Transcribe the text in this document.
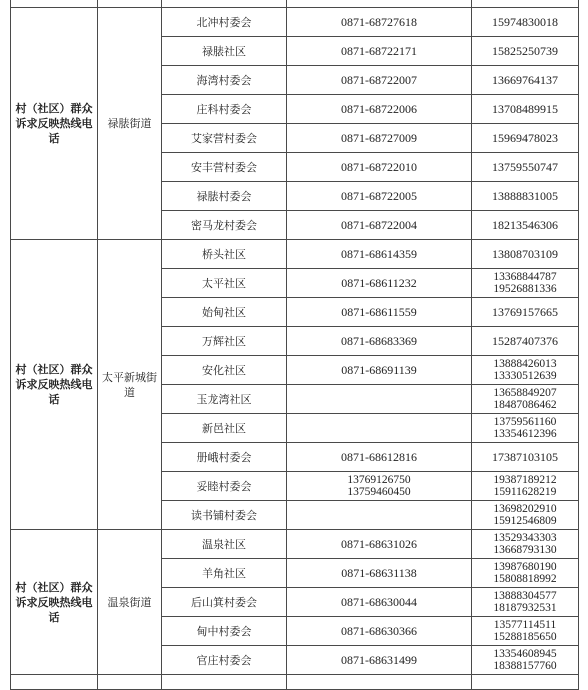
村（社区）群众诉求反映热线电话	禄脿街道	北冲村委会	0871-68727618	15974830018

		禄脿社区	0871-68722171	15825250739

		海湾村委会	0871-68722007	13669764137

		庄科村委会	0871-68722006	13708489915

		艾家营村委会	0871-68727009	15969478023

		安丰营村委会	0871-68722010	13759550747

		禄脿村委会	0871-68722005	13888831005

		密马龙村委会	0871-68722004	18213546306

村（社区）群众诉求反映热线电话	太平新城街道	桥头社区	0871-68614359	13808703109

		太平社区	0871-68611232	13368844787
19526881336

		始甸社区	0871-68611559	13769157665

		万辉社区	0871-68683369	15287407376

		安化社区	0871-68691139	13888426013
13330512639

		玉龙湾社区		13658849207
18487086462

		新邑社区		13759561160
13354612396

		册峨村委会	0871-68612816	17387103105

		妥睦村委会	13769126750
13759460450	19387189212
15911628219

		读书铺村委会		13698202910
15912546809

村（社区）群众诉求反映热线电话	温泉街道	温泉社区	0871-68631026	13529343303
13668793130

		羊角社区	0871-68631138	13987680190
15808818992

		后山箕村委会	0871-68630044	13888304577
18187932531

		甸中村委会	0871-68630366	13577114511
15288185650

		官庄村委会	0871-68631499	13354608945
18388157760
